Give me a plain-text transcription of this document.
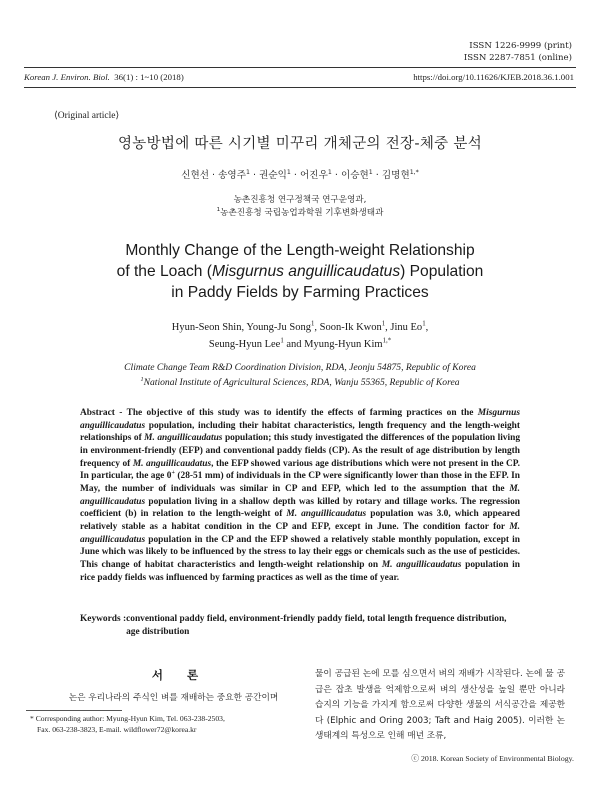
ISSN 1226-9999 (print)
ISSN 2287-7851 (online)
Korean J. Environ. Biol. 36(1) : 1~10 (2018)	https://doi.org/10.11626/KJEB.2018.36.1.001
⟨Original article⟩
영농방법에 따른 시기별 미꾸리 개체군의 전장-체중 분석
신현선 · 송영주$^1$ · 권순익$^1$ · 어진우$^1$ · 이승현$^1$ · 김명현$^{1,*}$
농촌진흥청 연구정책국 연구운영과,
$^1$농촌진흥청 국립농업과학원 기후변화생태과
Monthly Change of the Length-weight Relationship
of the Loach (Misgurnus anguillicaudatus) Population
in Paddy Fields by Farming Practices
Hyun-Seon Shin, Young-Ju Song$^1$, Soon-Ik Kwon$^1$, Jinu Eo$^1$,
Seung-Hyun Lee$^1$ and Myung-Hyun Kim$^{1,*}$
Climate Change Team R&D Coordination Division, RDA, Jeonju 54875, Republic of Korea
$^1$National Institute of Agricultural Sciences, RDA, Wanju 55365, Republic of Korea
Abstract - The objective of this study was to identify the effects of farming practices on the Misgurnus anguillicaudatus population, including their habitat characteristics, length frequency and the length-weight relationships of M. anguillicaudatus population; this study investigated the differences of the population living in environment-friendly (EFP) and conventional paddy fields (CP). As the result of age distribution by length frequency of M. anguillicaudatus, the EFP showed various age distributions which were not present in the CP. In particular, the age 0+ (28-51 mm) of individuals in the CP were significantly lower than those in the EFP. In May, the number of individuals was similar in CP and EFP, which led to the assumption that the M. anguillicaudatus population living in a shallow depth was killed by rotary and tillage works. The regression coefficient (b) in relation to the length-weight of M. anguillicaudatus population was 3.0, which appeared relatively stable as a habitat condition in the CP and EFP, except in June. The condition factor for M. anguillicaudatus population in the CP and the EFP showed a relatively stable monthly population, except in June which was likely to be influenced by the stress to lay their eggs or chemicals such as the use of pesticides. This change of habitat characteristics and length-weight relationship on M. anguillicaudatus population in rice paddy fields was influenced by farming practices as well as the time of year.
Keywords : conventional paddy field, environment-friendly paddy field, total length frequence distribution, age distribution
서 론
논은 우리나라의 주식인 벼를 재배하는 중요한 공간이며
* Corresponding author: Myung-Hyun Kim, Tel. 063-238-2503,
Fax. 063-238-3823, E-mail. wildflower72@korea.kr
물이 공급된 논에 모를 심으면서 벼의 재배가 시작된다. 논에 물 공급은 잡초 발생을 억제함으로써 벼의 생산성을 높일 뿐만 아니라 습지의 기능을 가지게 함으로써 다양한 생물의 서식공간을 제공한다 (Elphic and Oring 2003; Taft and Haig 2005). 이러한 논 생태계의 특성으로 인해 매년 조류,
ⓒ 2018. Korean Society of Environmental Biology.
